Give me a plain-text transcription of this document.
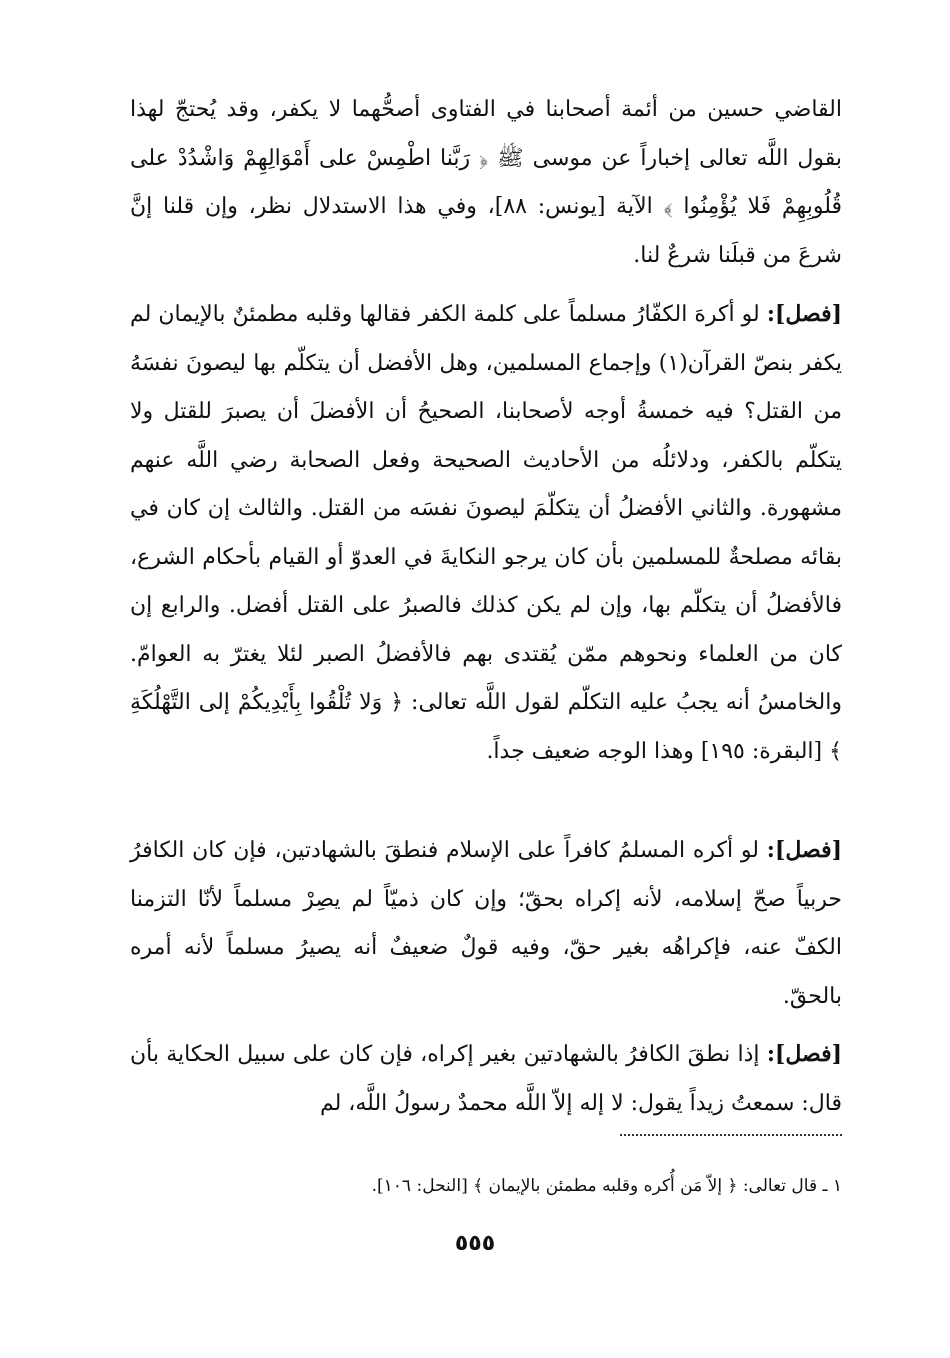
القاضي حسين من أئمة أصحابنا في الفتاوى أصحُّهما لا يكفر، وقد يُحتجّ لهذا بقول اللَّه تعالى إخباراً عن موسى ﷺ ﴿ رَبَّنا اطْمِسْ على أَمْوَالِهِمْ وَاشْدُدْ على قُلُوبِهِمْ فَلا يُؤْمِنُوا ﴾ الآية [يونس: ٨٨]، وفي هذا الاستدلال نظر، وإن قلنا إنَّ شرعَ من قبلَنا شرعٌ لنا.

[فصل]: لو أكرهَ الكفّارُ مسلماً على كلمة الكفر فقالها وقلبه مطمئنٌ بالإيمان لم يكفر بنصّ القرآن(١) وإجماع المسلمين، وهل الأفضل أن يتكلّم بها ليصونَ نفسَهُ من القتل؟ فيه خمسةُ أوجه لأصحابنا، الصحيحُ أن الأفضلَ أن يصبرَ للقتل ولا يتكلّم بالكفر، ودلائلُه من الأحاديث الصحيحة وفعل الصحابة رضي اللَّه عنهم مشهورة. والثاني الأفضلُ أن يتكلّمَ ليصونَ نفسَه من القتل. والثالث إن كان في بقائه مصلحةٌ للمسلمين بأن كان يرجو النكايةَ في العدوّ أو القيام بأحكام الشرع، فالأفضلُ أن يتكلّم بها، وإن لم يكن كذلك فالصبرُ على القتل أفضل. والرابع إن كان من العلماء ونحوهم ممّن يُقتدى بهم فالأفضلُ الصبر لئلا يغترّ به العوامّ. والخامسُ أنه يجبُ عليه التكلّم لقول اللَّه تعالى: ﴿ وَلا تُلْقُوا بِأَيْدِيكُمْ إلى التَّهْلُكَةِ ﴾ [البقرة: ١٩٥] وهذا الوجه ضعيف جداً.

[فصل]: لو أكره المسلمُ كافراً على الإسلام فنطقَ بالشهادتين، فإن كان الكافرُ حربياً صحّ إسلامه، لأنه إكراه بحقّ؛ وإن كان ذميّاً لم يصِرْ مسلماً لأنّا التزمنا الكفّ عنه، فإكراهُه بغير حقّ، وفيه قولٌ ضعيفٌ أنه يصيرُ مسلماً لأنه أمره بالحقّ.

[فصل]: إذا نطقَ الكافرُ بالشهادتين بغير إكراه، فإن كان على سبيل الحكاية بأن قال: سمعتُ زيداً يقول: لا إله إلاّ اللَّه محمدٌ رسولُ اللَّه، لم

١ ـ قال تعالى: ﴿ إلاّ مَن أُكره وقلبه مطمئن بالإيمان ﴾ [النحل: ١٠٦].
٥٥٥
